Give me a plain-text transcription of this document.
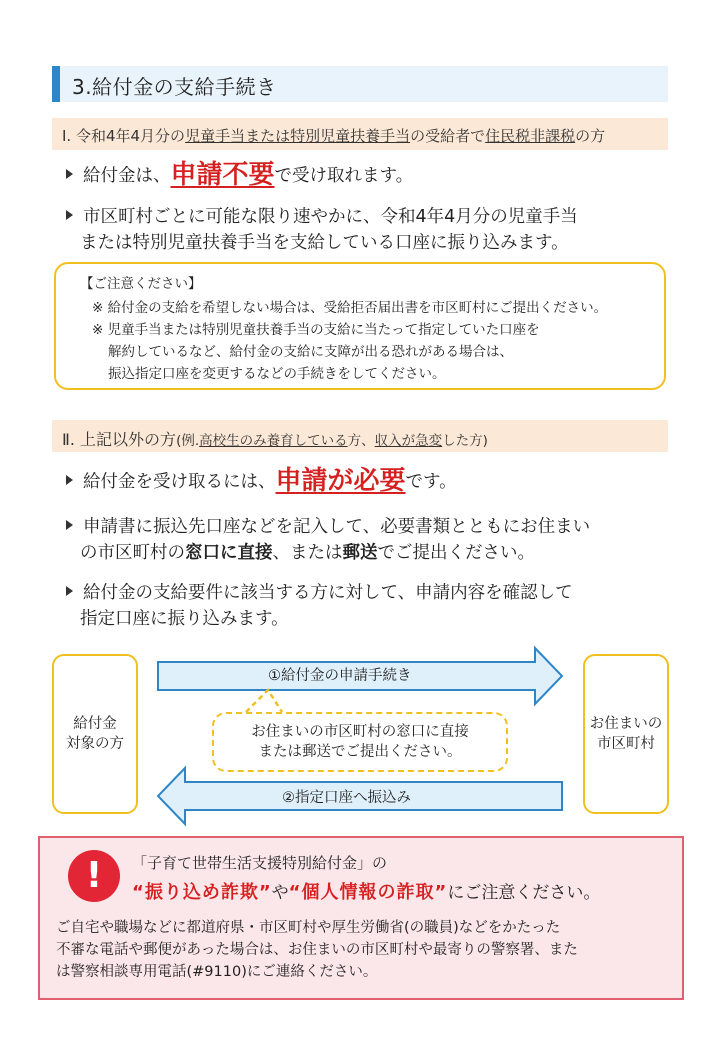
3.給付金の支給手続き
Ⅰ. 令和4年4月分の児童手当または特別児童扶養手当の受給者で住民税非課税の方
給付金は、申請不要で受け取れます。
市区町村ごとに可能な限り速やかに、令和4年4月分の児童手当
または特別児童扶養手当を支給している口座に振り込みます。
【ご注意ください】
※ 給付金の支給を希望しない場合は、受給拒否届出書を市区町村にご提出ください。
※ 児童手当または特別児童扶養手当の支給に当たって指定していた口座を
解約しているなど、給付金の支給に支障が出る恐れがある場合は、
振込指定口座を変更するなどの手続きをしてください。
Ⅱ. 上記以外の方(例.高校生のみ養育している方、収入が急変した方)
給付金を受け取るには、申請が必要です。
申請書に振込先口座などを記入して、必要書類とともにお住まい
の市区町村の窓口に直接、または郵送でご提出ください。
給付金の支給要件に該当する方に対して、申請内容を確認して
指定口座に振り込みます。
給付金
対象の方
お住まいの
市区町村
①給付金の申請手続き
②指定口座へ振込み
お住まいの市区町村の窓口に直接
または郵送でご提出ください。
!	「子育て世帯生活支援特別給付金」の
“振り込め詐欺”や“個人情報の詐取”にご注意ください。
ご自宅や職場などに都道府県・市区町村や厚生労働省(の職員)などをかたった
不審な電話や郵便があった場合は、お住まいの市区町村や最寄りの警察署、また
は警察相談専用電話(#9110)にご連絡ください。
